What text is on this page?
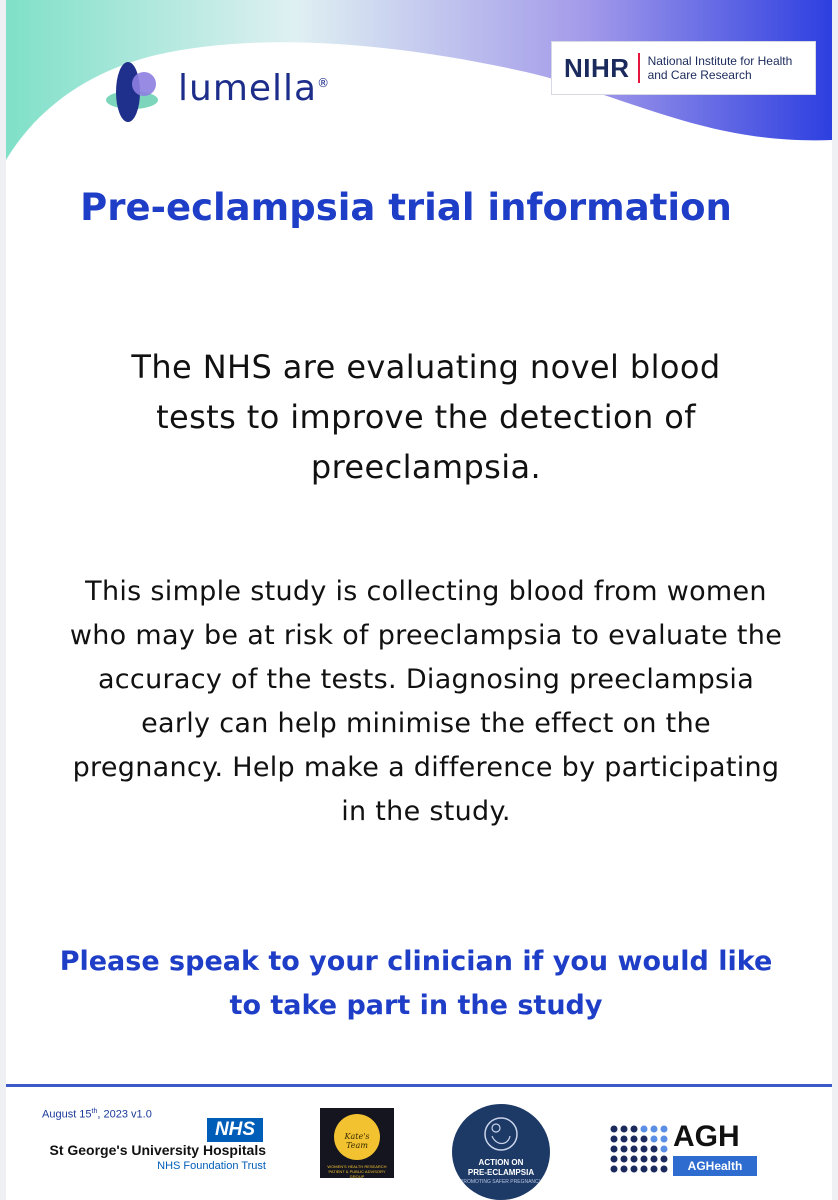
lumella®
NIHR National Institute for Health and Care Research
Pre-eclampsia trial information
The NHS are evaluating novel blood tests to improve the detection of preeclampsia.
This simple study is collecting blood from women who may be at risk of preeclampsia to evaluate the accuracy of the tests. Diagnosing preeclampsia early can help minimise the effect on the pregnancy. Help make a difference by participating in the study.
Please speak to your clinician if you would like to take part in the study
August 15th, 2023 v1.0
NHS
St George's University Hospitals
NHS Foundation Trust
Kate's Team
WOMEN'S HEALTH RESEARCH PATIENT & PUBLIC ADVISORY GROUP
ACTION ON
PRE-ECLAMPSIA
PROMOTING SAFER PREGNANCY
AGH
AGHealth
